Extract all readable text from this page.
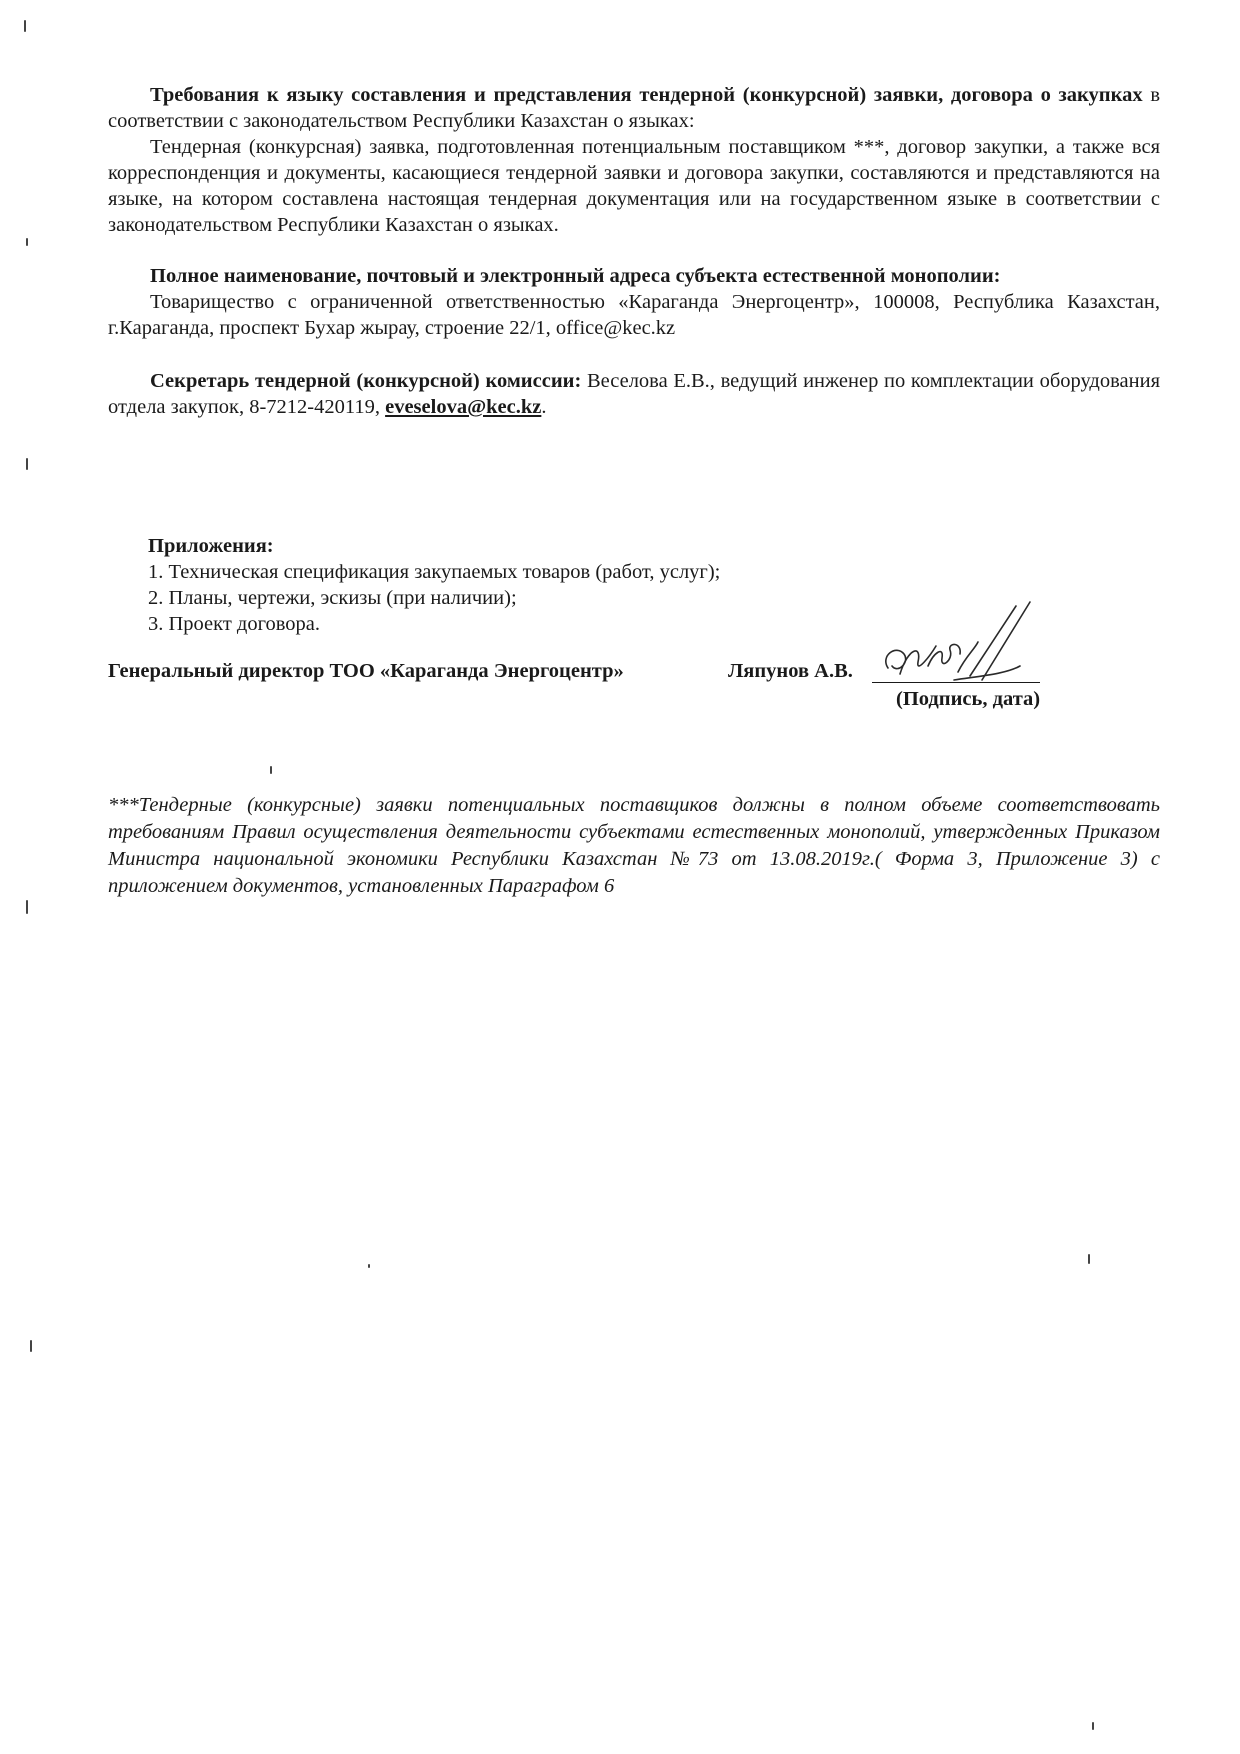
Требования к языку составления и представления тендерной (конкурсной) заявки, договора о закупках в соответствии с законодательством Республики Казахстан о языках:
Тендерная (конкурсная) заявка, подготовленная потенциальным поставщиком ***, договор закупки, а также вся корреспонденция и документы, касающиеся тендерной заявки и договора закупки, составляются и представляются на языке, на котором составлена настоящая тендерная документация или на государственном языке в соответствии с законодательством Республики Казахстан о языках.
Полное наименование, почтовый и электронный адреса субъекта естественной монополии:
Товарищество с ограниченной ответственностью «Караганда Энергоцентр», 100008, Республика Казахстан, г.Караганда, проспект Бухар жырау, строение 22/1, office@kec.kz
Секретарь тендерной (конкурсной) комиссии: Веселова Е.В., ведущий инженер по комплектации оборудования отдела закупок, 8-7212-420119, eveselova@kec.kz.
Приложения:
1. Техническая спецификация закупаемых товаров (работ, услуг);
2. Планы, чертежи, эскизы (при наличии);
3. Проект договора.
Генеральный директор ТОО «Караганда Энергоцентр»	Ляпунов А.В.
(Подпись, дата)
***Тендерные (конкурсные) заявки потенциальных поставщиков должны в полном объеме соответствовать требованиям Правил осуществления деятельности субъектами естественных монополий, утвержденных Приказом Министра национальной экономики Республики Казахстан №73 от 13.08.2019г.( Форма 3, Приложение 3) с приложением документов, установленных Параграфом 6
